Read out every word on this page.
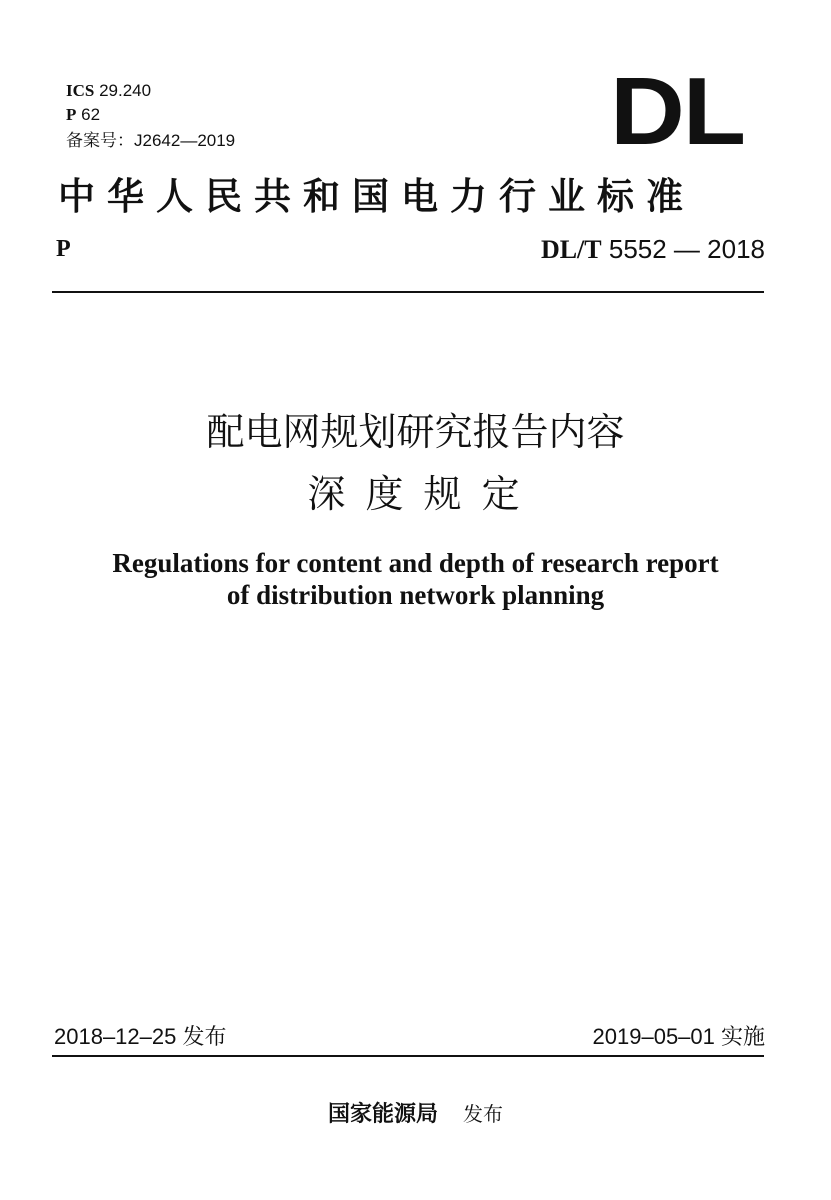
ICS 29.240
P 62
备案号：J2642—2019	DL
中华人民共和国电力行业标准
P	DL/T 5552 — 2018
配电网规划研究报告内容
深 度 规 定
Regulations for content and depth of research report
of distribution network planning
2018–12–25 发布	2019–05–01 实施
国家能源局 发布
